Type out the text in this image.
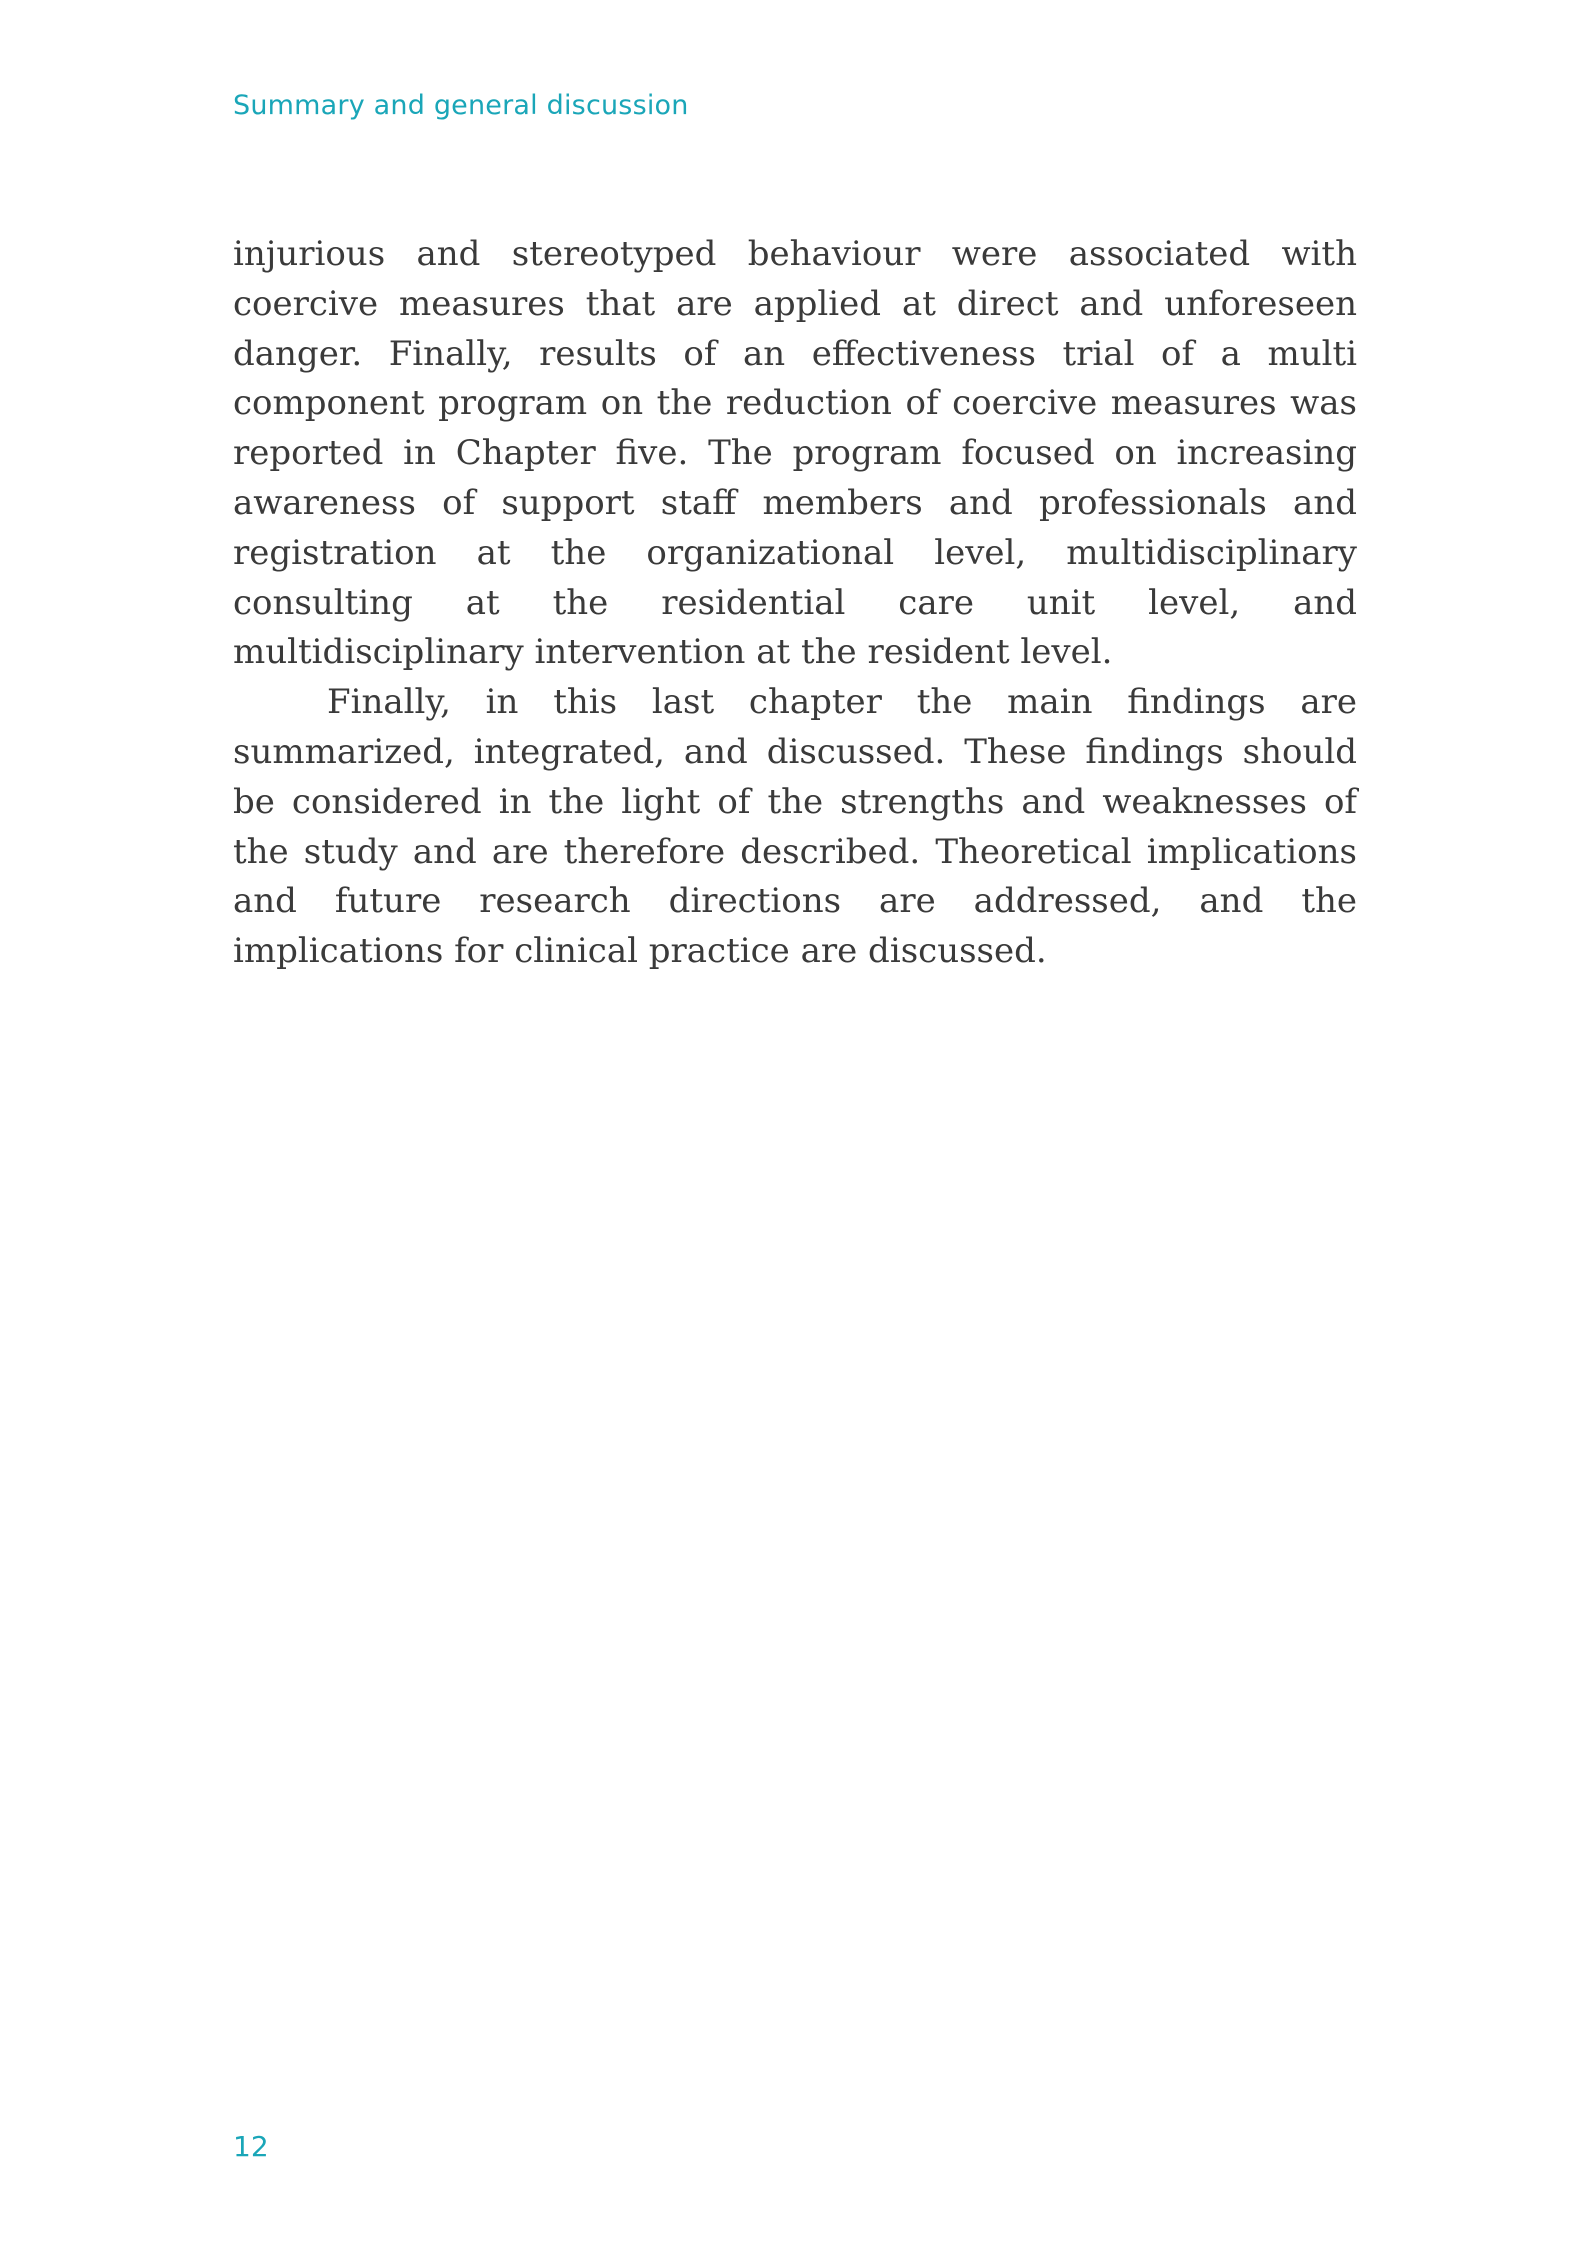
Summary and general discussion

injurious and stereotyped behaviour were associated with coercive measures that are applied at direct and unforeseen danger. Finally, results of an effectiveness trial of a multi component program on the reduction of coercive measures was reported in Chapter five. The program focused on increasing awareness of support staff members and professionals and registration at the organizational level, multidisciplinary consulting at the residential care unit level, and multidisciplinary intervention at the resident level.

Finally, in this last chapter the main findings are summarized, integrated, and discussed. These findings should be considered in the light of the strengths and weaknesses of the study and are therefore described. Theoretical implications and future research directions are addressed, and the implications for clinical practice are discussed.

12
